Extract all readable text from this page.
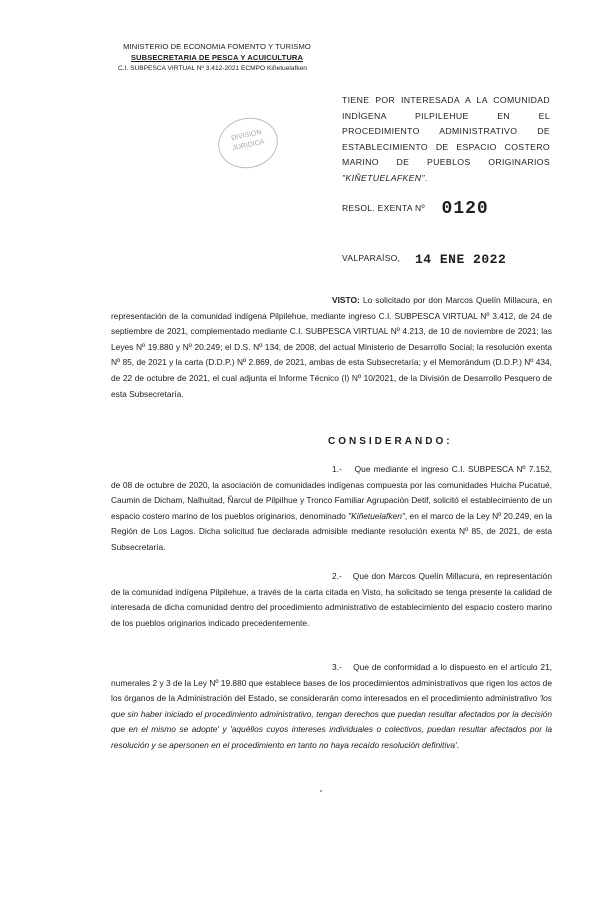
MINISTERIO DE ECONOMIA FOMENTO Y TURISMO
SUBSECRETARIA DE PESCA Y ACUICULTURA
C.I. SUBPESCA VIRTUAL Nº 3.412-2021 ECMPO Kiñetuelafken
DIVISION JURIDICA
TIENE POR INTERESADA A LA COMUNIDAD INDÍGENA PILPILEHUE EN EL PROCEDIMIENTO ADMINISTRATIVO DE ESTABLECIMIENTO DE ESPACIO COSTERO MARINO DE PUEBLOS ORIGINARIOS "KIÑETUELAFKEN".
RESOL. EXENTA Nº 0120
VALPARAÍSO, 14 ENE 2022
VISTO: Lo solicitado por don Marcos Quelín Millacura, en representación de la comunidad indígena Pilpilehue, mediante ingreso C.I. SUBPESCA VIRTUAL Nº 3.412, de 24 de septiembre de 2021, complementado mediante C.I. SUBPESCA VIRTUAL Nº 4.213, de 10 de noviembre de 2021; las Leyes Nº 19.880 y Nº 20.249; el D.S. Nº 134, de 2008, del actual Ministerio de Desarrollo Social; la resolución exenta Nº 85, de 2021 y la carta (D.D.P.) Nº 2.869, de 2021, ambas de esta Subsecretaría; y el Memorándum (D.D.P.) Nº 434, de 22 de octubre de 2021, el cual adjunta el Informe Técnico (I) Nº 10/2021, de la División de Desarrollo Pesquero de esta Subsecretaría.
CONSIDERANDO:
1.- Que mediante el ingreso C.I. SUBPESCA Nº 7.152, de 08 de octubre de 2020, la asociación de comunidades indígenas compuesta por las comunidades Huicha Pucatué, Caumin de Dicham, Nalhuitad, Ñarcul de Pilpilhue y Tronco Familiar Agrupación Detif, solicitó el establecimiento de un espacio costero marino de los pueblos originarios, denominado "Kiñetuelafken", en el marco de la Ley Nº 20.249, en la Región de Los Lagos. Dicha solicitud fue declarada admisible mediante resolución exenta Nº 85, de 2021, de esta Subsecretaría.
2.- Que don Marcos Quelín Millacura, en representación de la comunidad indígena Pilpilehue, a través de la carta citada en Visto, ha solicitado se tenga presente la calidad de interesada de dicha comunidad dentro del procedimiento administrativo de establecimiento del espacio costero marino de los pueblos originarios indicado precedentemente.
3.- Que de conformidad a lo dispuesto en el artículo 21, numerales 2 y 3 de la Ley Nº 19.880 que establece bases de los procedimientos administrativos que rigen los actos de los órganos de la Administración del Estado, se considerarán como interesados en el procedimiento administrativo 'los que sin haber iniciado el procedimiento administrativo, tengan derechos que puedan resultar afectados por la decisión que en el mismo se adopte' y 'aquéllos cuyos intereses individuales o colectivos, puedan resultar afectados por la resolución y se apersonen en el procedimiento en tanto no haya recaído resolución definitiva'.
